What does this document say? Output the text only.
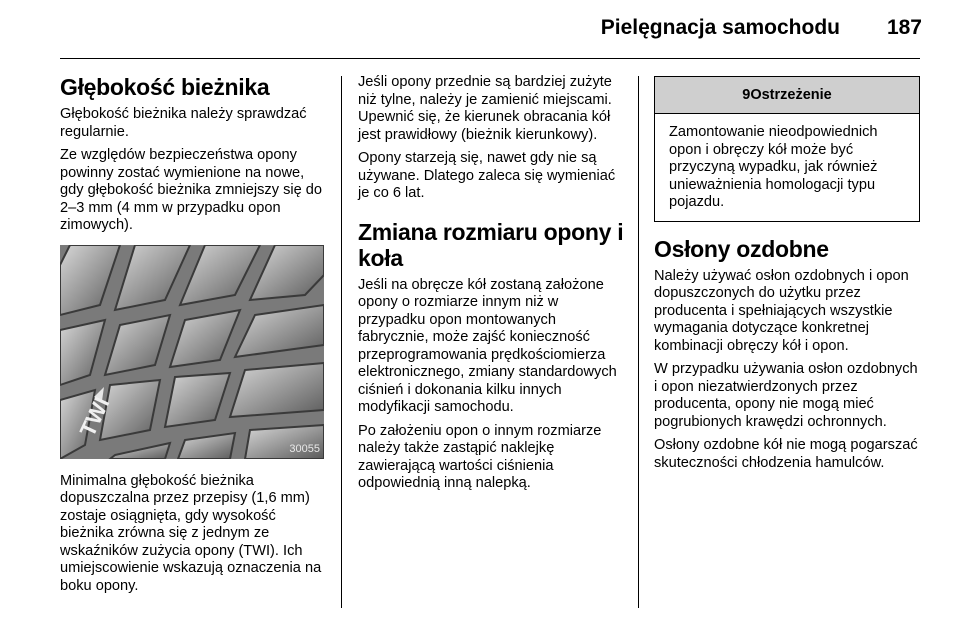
Pielęgnacja samochodu	187
Głębokość bieżnika

Głębokość bieżnika należy sprawdzać regularnie.

Ze względów bezpieczeństwa opony powinny zostać wymienione na nowe, gdy głębokość bieżnika zmniejszy się do 2–3 mm (4 mm w przypadku opon zimowych).

TWI
30055

Minimalna głębokość bieżnika dopuszczalna przez przepisy (1,6 mm) zostaje osiągnięta, gdy wysokość bieżnika zrówna się z jednym ze wskaźników zużycia opony (TWI). Ich umiejscowienie wskazują oznaczenia na boku opony.

Jeśli opony przednie są bardziej zużyte niż tylne, należy je zamienić miejscami. Upewnić się, że kierunek obracania kół jest prawidłowy (bieżnik kierunkowy).

Opony starzeją się, nawet gdy nie są używane. Dlatego zaleca się wymieniać je co 6 lat.

Zmiana rozmiaru opony i koła

Jeśli na obręcze kół zostaną założone opony o rozmiarze innym niż w przypadku opon montowanych fabrycznie, może zajść konieczność przeprogramowania prędkościomierza elektronicznego, zmiany standardowych ciśnień i dokonania kilku innych modyfikacji samochodu.

Po założeniu opon o innym rozmiarze należy także zastąpić naklejkę zawierającą wartości ciśnienia odpowiednią inną nalepką.

9Ostrzeżenie

Zamontowanie nieodpowiednich opon i obręczy kół może być przyczyną wypadku, jak również unieważnienia homologacji typu pojazdu.

Osłony ozdobne

Należy używać osłon ozdobnych i opon dopuszczonych do użytku przez producenta i spełniających wszystkie wymagania dotyczące konkretnej kombinacji obręczy kół i opon.

W przypadku używania osłon ozdobnych i opon niezatwierdzonych przez producenta, opony nie mogą mieć pogrubionych krawędzi ochronnych.

Osłony ozdobne kół nie mogą pogarszać skuteczności chłodzenia hamulców.
